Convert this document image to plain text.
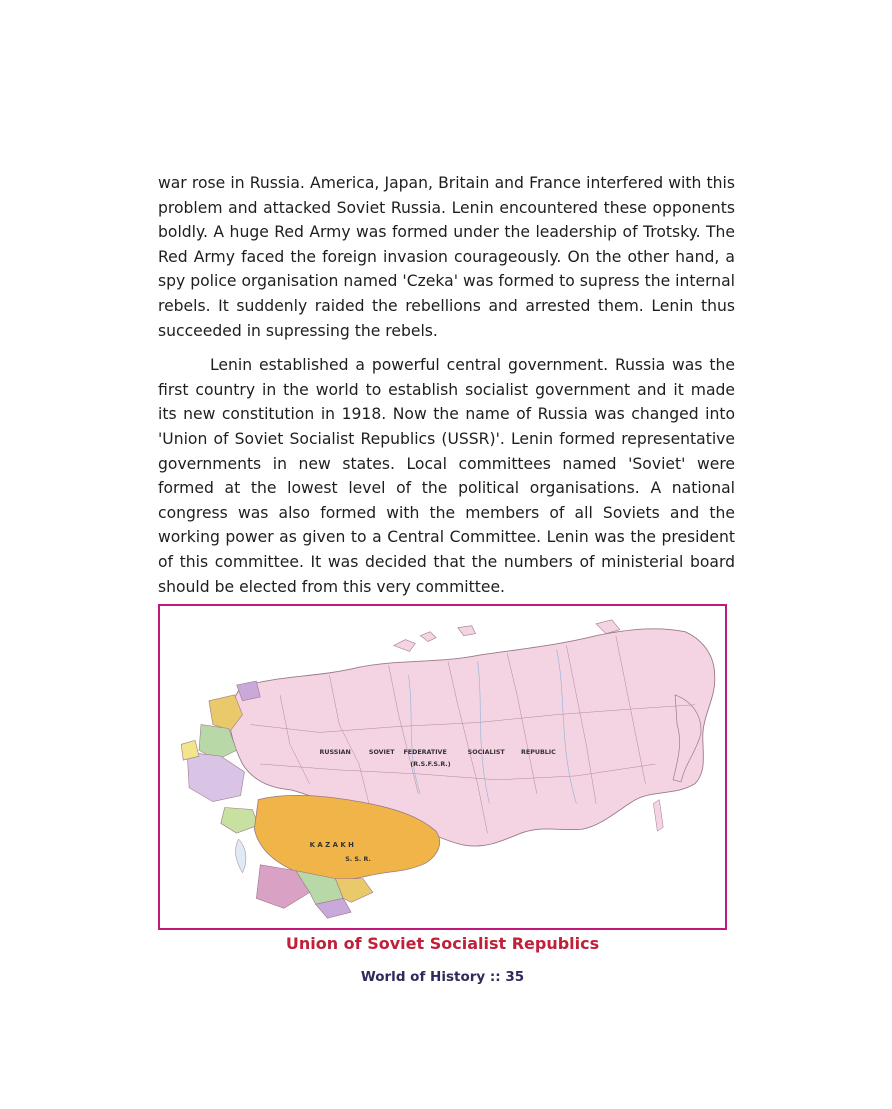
war rose in Russia. America, Japan, Britain and France interfered with this problem and attacked Soviet Russia. Lenin encountered these opponents boldly. A huge Red Army was formed under the leadership of Trotsky. The Red Army faced the foreign invasion courageously. On the other hand, a spy police organisation named 'Czeka' was formed to supress the internal rebels. It suddenly raided the rebellions and arrested them. Lenin thus succeeded in supressing the rebels.

Lenin established a powerful central government. Russia was the first country in the world to establish socialist government and it made its new constitution in 1918. Now the name of Russia was changed into 'Union of Soviet Socialist Republics (USSR)'. Lenin formed representative governments in new states. Local committees named 'Soviet' were formed at the lowest level of the political organisations. A national congress was also formed with the members of all Soviets and the working power as given to a Central Committee. Lenin was the president of this committee. It was decided that the numbers of ministerial board should be elected from this very committee.

RUSSIAN	SOVIET FEDERATIVE	SOCIALIST	REPUBLIC
(R.S.F.S.R.)
K A Z A K H
S. S. R.
Union of Soviet Socialist Republics
World of History :: 35
